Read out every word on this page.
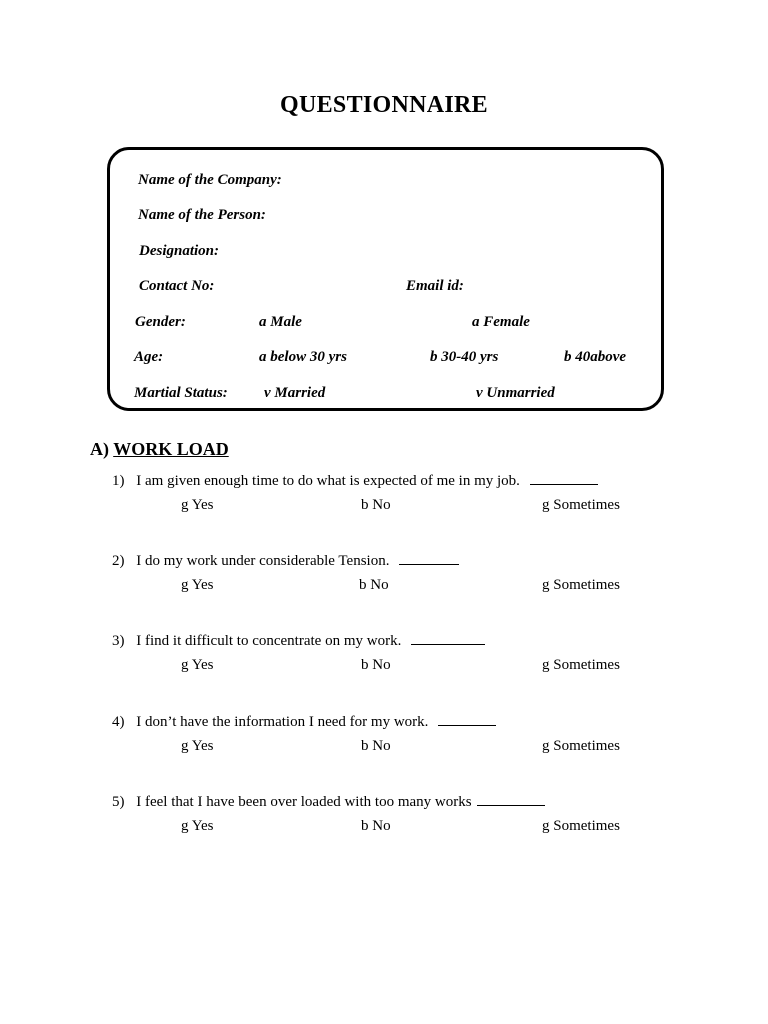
QUESTIONNAIRE
Name of the Company:
Name of the Person:
Designation:
Contact No:	Email id:
Gender:	a Male	a Female
Age:	a below 30 yrs	b 30-40 yrs	b 40above
Martial Status: v Married	v Unmarried
A) WORK LOAD
1) I am given enough time to do what is expected of me in my job.
g Yes	b No	g Sometimes
2) I do my work under considerable Tension.
g Yes	b No	g Sometimes
3) I find it difficult to concentrate on my work.
g Yes	b No	g Sometimes
4) I don’t have the information I need for my work.
g Yes	b No	g Sometimes
5) I feel that I have been over loaded with too many works
g Yes	b No	g Sometimes
